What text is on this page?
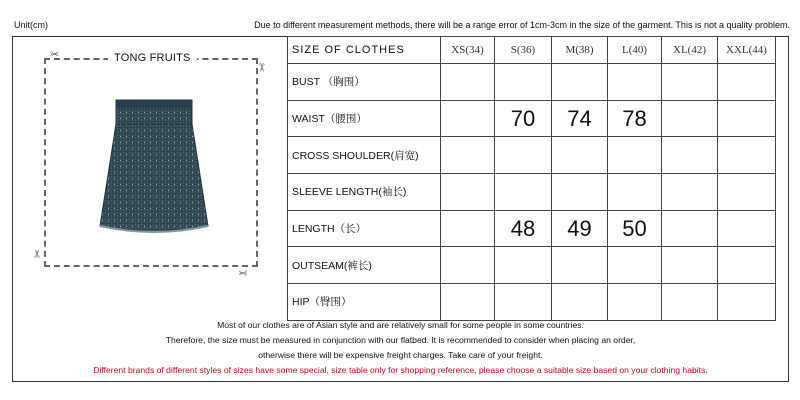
Unit(cm)	Due to different measurement methods, there will be a range error of 1cm-3cm in the size of the garment. This is not a quality problem.
TONG FRUITS
✂
✂
✂
✂
SIZE OF CLOTHES	XS(34)	S(36)	M(38)	L(40)	XL(42)	XXL(44)
BUST （胸围）						
WAIST（腰围）		70	74	78		
CROSS SHOULDER(肩宽)						
SLEEVE LENGTH(袖长)						
LENGTH（长）		48	49	50		
OUTSEAM(裤长)						
HIP（臀围）						
Most of our clothes are of Asian style and are relatively small for some people in some countries.
Therefore, the size must be measured in conjunction with our flatbed. It is recommended to consider when placing an order,
otherwise there will be expensive freight charges. Take care of your freight.
Different brands of different styles of sizes have some special, size table only for shopping reference, please choose a suitable size based on your clothing habits.
